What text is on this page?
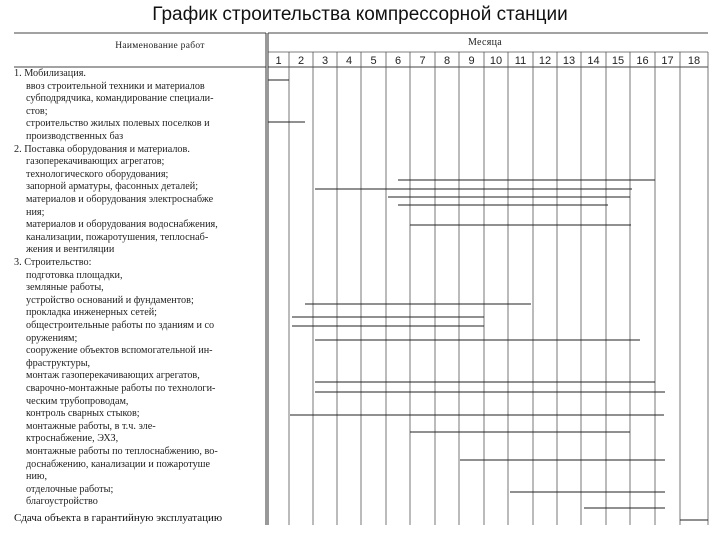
График строительства компрессорной станции
Наименование работ	Месяца
1	2	3	4	5	6	7	8	9	10	11	12	13	14	15	16	17	18
1. Мобилизация.
ввоз строительной техники и материалов
субподрядчика, командирование специали-
стов;
строительство жилых полевых поселков и
производственных баз
2. Поставка оборудования и материалов.
газоперекачивающих агрегатов;
технологического оборудования;
запорной арматуры, фасонных деталей;
материалов и оборудования электроснабже
ния;
материалов и оборудования водоснабжения,
канализации, пожаротушения, теплоснаб-
жения и вентиляции
3. Строительство:
подготовка площадки,
земляные работы,
устройство оснований и фундаментов;
прокладка инженерных сетей;
общестроительные работы по зданиям и со
оружениям;
сооружение объектов вспомогательной ин-
фраструктуры,
монтаж газоперекачивающих агрегатов,
сварочно-монтажные работы по технологи-
ческим трубопроводам,
контроль сварных стыков;
монтажные работы, в т.ч. эле-
ктроснабжение, ЭХЗ,
монтажные работы по теплоснабжению, во-
доснабжению, канализации и пожаротуше
нию,
отделочные работы;
благоустройство
Сдача объекта в гарантийную эксплуатацию
